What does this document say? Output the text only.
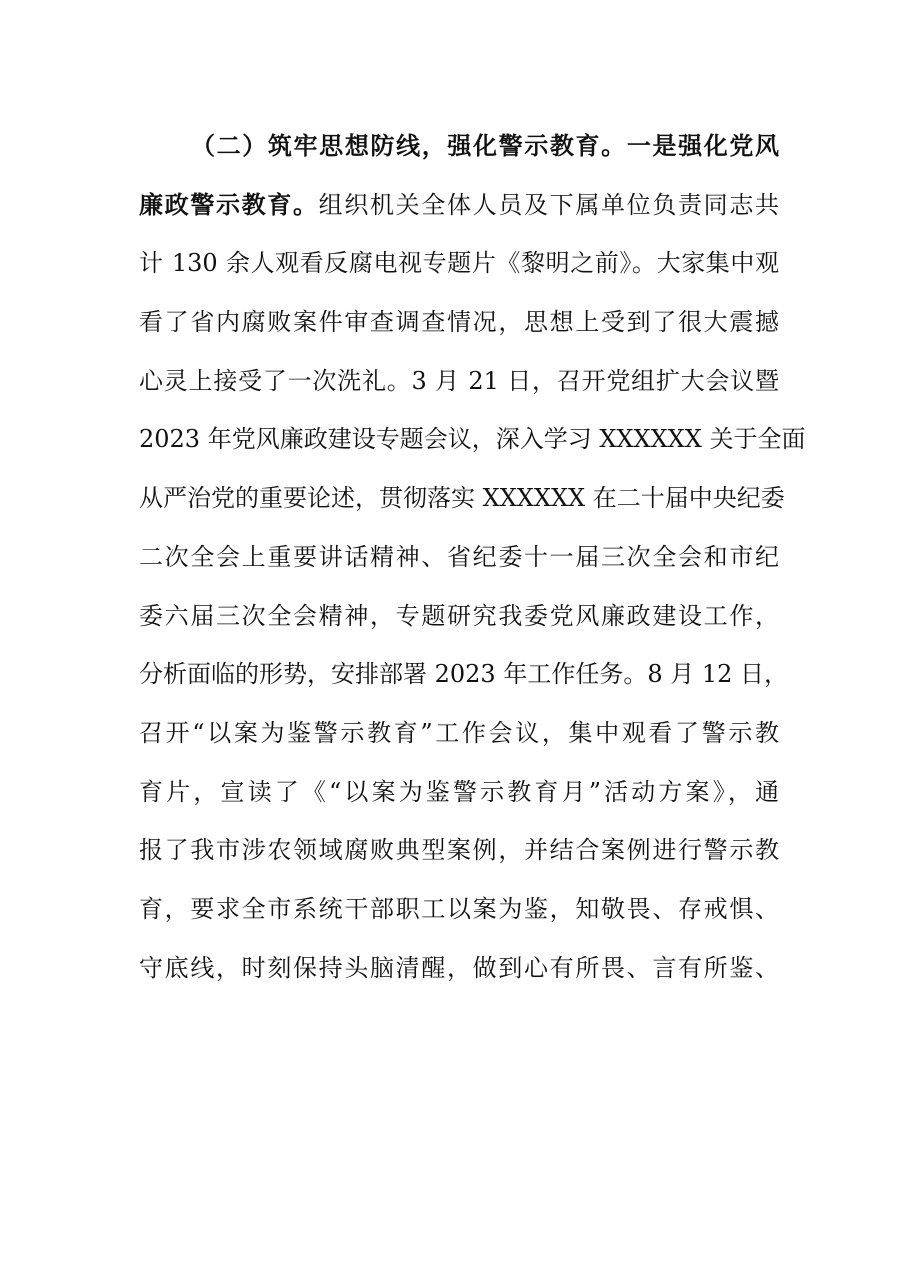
（二）筑牢思想防线，强化警示教育。一是强化党风
廉政警示教育。组织机关全体人员及下属单位负责同志共
计 130 余人观看反腐电视专题片《黎明之前》。大家集中观
看了省内腐败案件审查调查情况，思想上受到了很大震撼
心灵上接受了一次洗礼。3 月 21 日，召开党组扩大会议暨
2023 年党风廉政建设专题会议，深入学习 XXXXXX 关于全面
从严治党的重要论述，贯彻落实 XXXXXX 在二十届中央纪委
二次全会上重要讲话精神、省纪委十一届三次全会和市纪
委六届三次全会精神，专题研究我委党风廉政建设工作，
分析面临的形势，安排部署 2023 年工作任务。8 月 12 日，
召开“以案为鉴警示教育”工作会议，集中观看了警示教
育片，宣读了《“以案为鉴警示教育月”活动方案》，通
报了我市涉农领域腐败典型案例，并结合案例进行警示教
育，要求全市系统干部职工以案为鉴，知敬畏、存戒惧、
守底线，时刻保持头脑清醒，做到心有所畏、言有所鉴、
